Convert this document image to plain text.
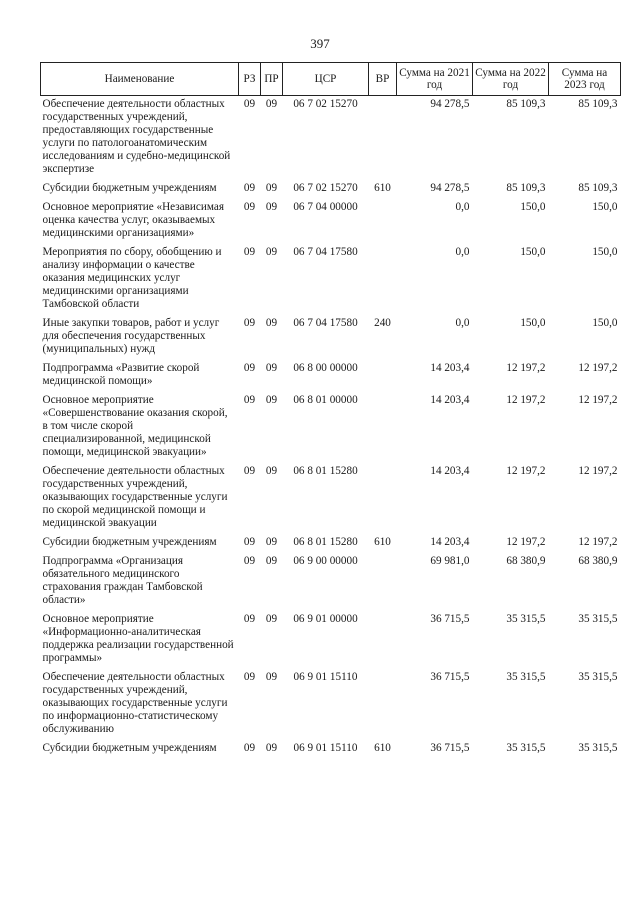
397
Наименование	РЗ	ПР	ЦСР	ВР	Сумма на 2021 год	Сумма на 2022 год	Сумма на 2023 год
Обеспечение деятельности областных государственных учреждений, предоставляющих государственные услуги по патологоанатомическим исследованиям и судебно-медицинской экспертизе	09	09	06 7 02 15270		94 278,5	85 109,3	85 109,3
Субсидии бюджетным учреждениям	09	09	06 7 02 15270	610	94 278,5	85 109,3	85 109,3
Основное мероприятие «Независимая оценка качества услуг, оказываемых медицинскими организациями»	09	09	06 7 04 00000		0,0	150,0	150,0
Мероприятия по сбору, обобщению и анализу информации о качестве оказания медицинских услуг медицинскими организациями Тамбовской области	09	09	06 7 04 17580		0,0	150,0	150,0
Иные закупки товаров, работ и услуг для обеспечения государственных (муниципальных) нужд	09	09	06 7 04 17580	240	0,0	150,0	150,0
Подпрограмма «Развитие скорой медицинской помощи»	09	09	06 8 00 00000		14 203,4	12 197,2	12 197,2
Основное мероприятие «Совершенствование оказания скорой, в том числе скорой специализированной, медицинской помощи, медицинской эвакуации»	09	09	06 8 01 00000		14 203,4	12 197,2	12 197,2
Обеспечение деятельности областных государственных учреждений, оказывающих государственные услуги по скорой медицинской помощи и медицинской эвакуации	09	09	06 8 01 15280		14 203,4	12 197,2	12 197,2
Субсидии бюджетным учреждениям	09	09	06 8 01 15280	610	14 203,4	12 197,2	12 197,2
Подпрограмма «Организация обязательного медицинского страхования граждан Тамбовской области»	09	09	06 9 00 00000		69 981,0	68 380,9	68 380,9
Основное мероприятие «Информационно-аналитическая поддержка реализации государственной программы»	09	09	06 9 01 00000		36 715,5	35 315,5	35 315,5
Обеспечение деятельности областных государственных учреждений, оказывающих государственные услуги по информационно-статистическому обслуживанию	09	09	06 9 01 15110		36 715,5	35 315,5	35 315,5
Субсидии бюджетным учреждениям	09	09	06 9 01 15110	610	36 715,5	35 315,5	35 315,5
